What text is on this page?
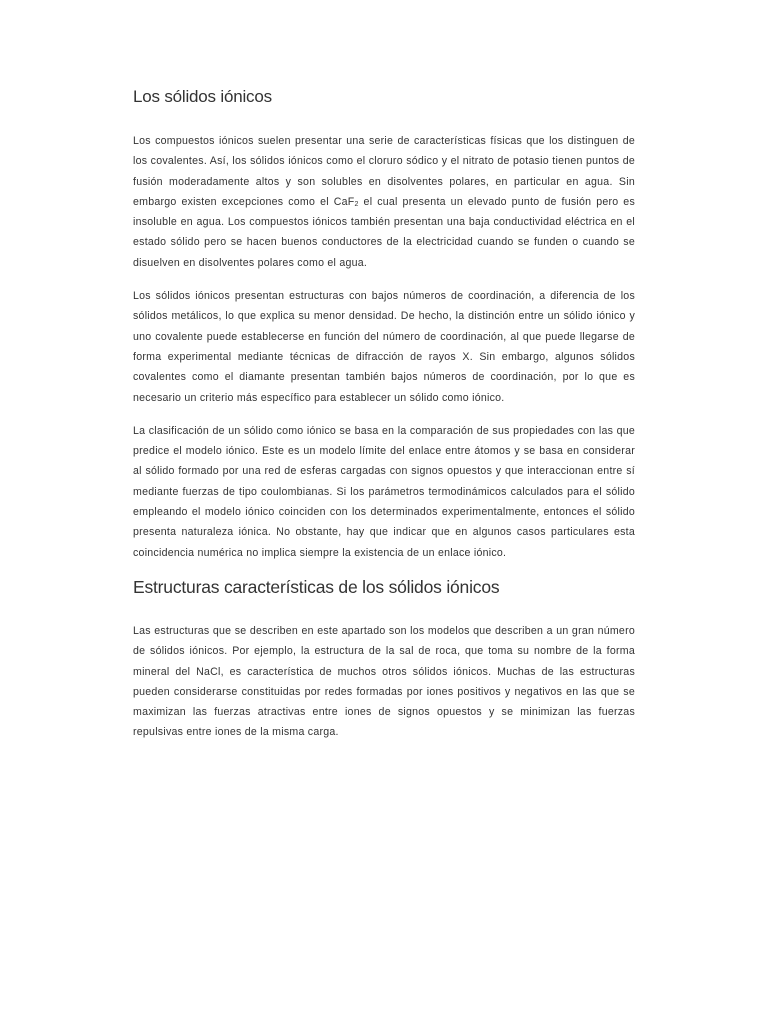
Los sólidos iónicos

Los compuestos iónicos suelen presentar una serie de características físicas que los distinguen de los covalentes. Así, los sólidos iónicos como el cloruro sódico y el nitrato de potasio tienen puntos de fusión moderadamente altos y son solubles en disolventes polares, en particular en agua. Sin embargo existen excepciones como el CaF$_2$ el cual presenta un elevado punto de fusión pero es insoluble en agua. Los compuestos iónicos también presentan una baja conductividad eléctrica en el estado sólido pero se hacen buenos conductores de la electricidad cuando se funden o cuando se disuelven en disolventes polares como el agua.

Los sólidos iónicos presentan estructuras con bajos números de coordinación, a diferencia de los sólidos metálicos, lo que explica su menor densidad. De hecho, la distinción entre un sólido iónico y uno covalente puede establecerse en función del número de coordinación, al que puede llegarse de forma experimental mediante técnicas de difracción de rayos X. Sin embargo, algunos sólidos covalentes como el diamante presentan también bajos números de coordinación, por lo que es necesario un criterio más específico para establecer un sólido como iónico.

La clasificación de un sólido como iónico se basa en la comparación de sus propiedades con las que predice el modelo iónico. Este es un modelo límite del enlace entre átomos y se basa en considerar al sólido formado por una red de esferas cargadas con signos opuestos y que interaccionan entre sí mediante fuerzas de tipo coulombianas. Si los parámetros termodinámicos calculados para el sólido empleando el modelo iónico coinciden con los determinados experimentalmente, entonces el sólido presenta naturaleza iónica. No obstante, hay que indicar que en algunos casos particulares esta coincidencia numérica no implica siempre la existencia de un enlace iónico.

Estructuras características de los sólidos iónicos

Las estructuras que se describen en este apartado son los modelos que describen a un gran número de sólidos iónicos. Por ejemplo, la estructura de la sal de roca, que toma su nombre de la forma mineral del NaCl, es característica de muchos otros sólidos iónicos. Muchas de las estructuras pueden considerarse constituidas por redes formadas por iones positivos y negativos en las que se maximizan las fuerzas atractivas entre iones de signos opuestos y se minimizan las fuerzas repulsivas entre iones de la misma carga.
